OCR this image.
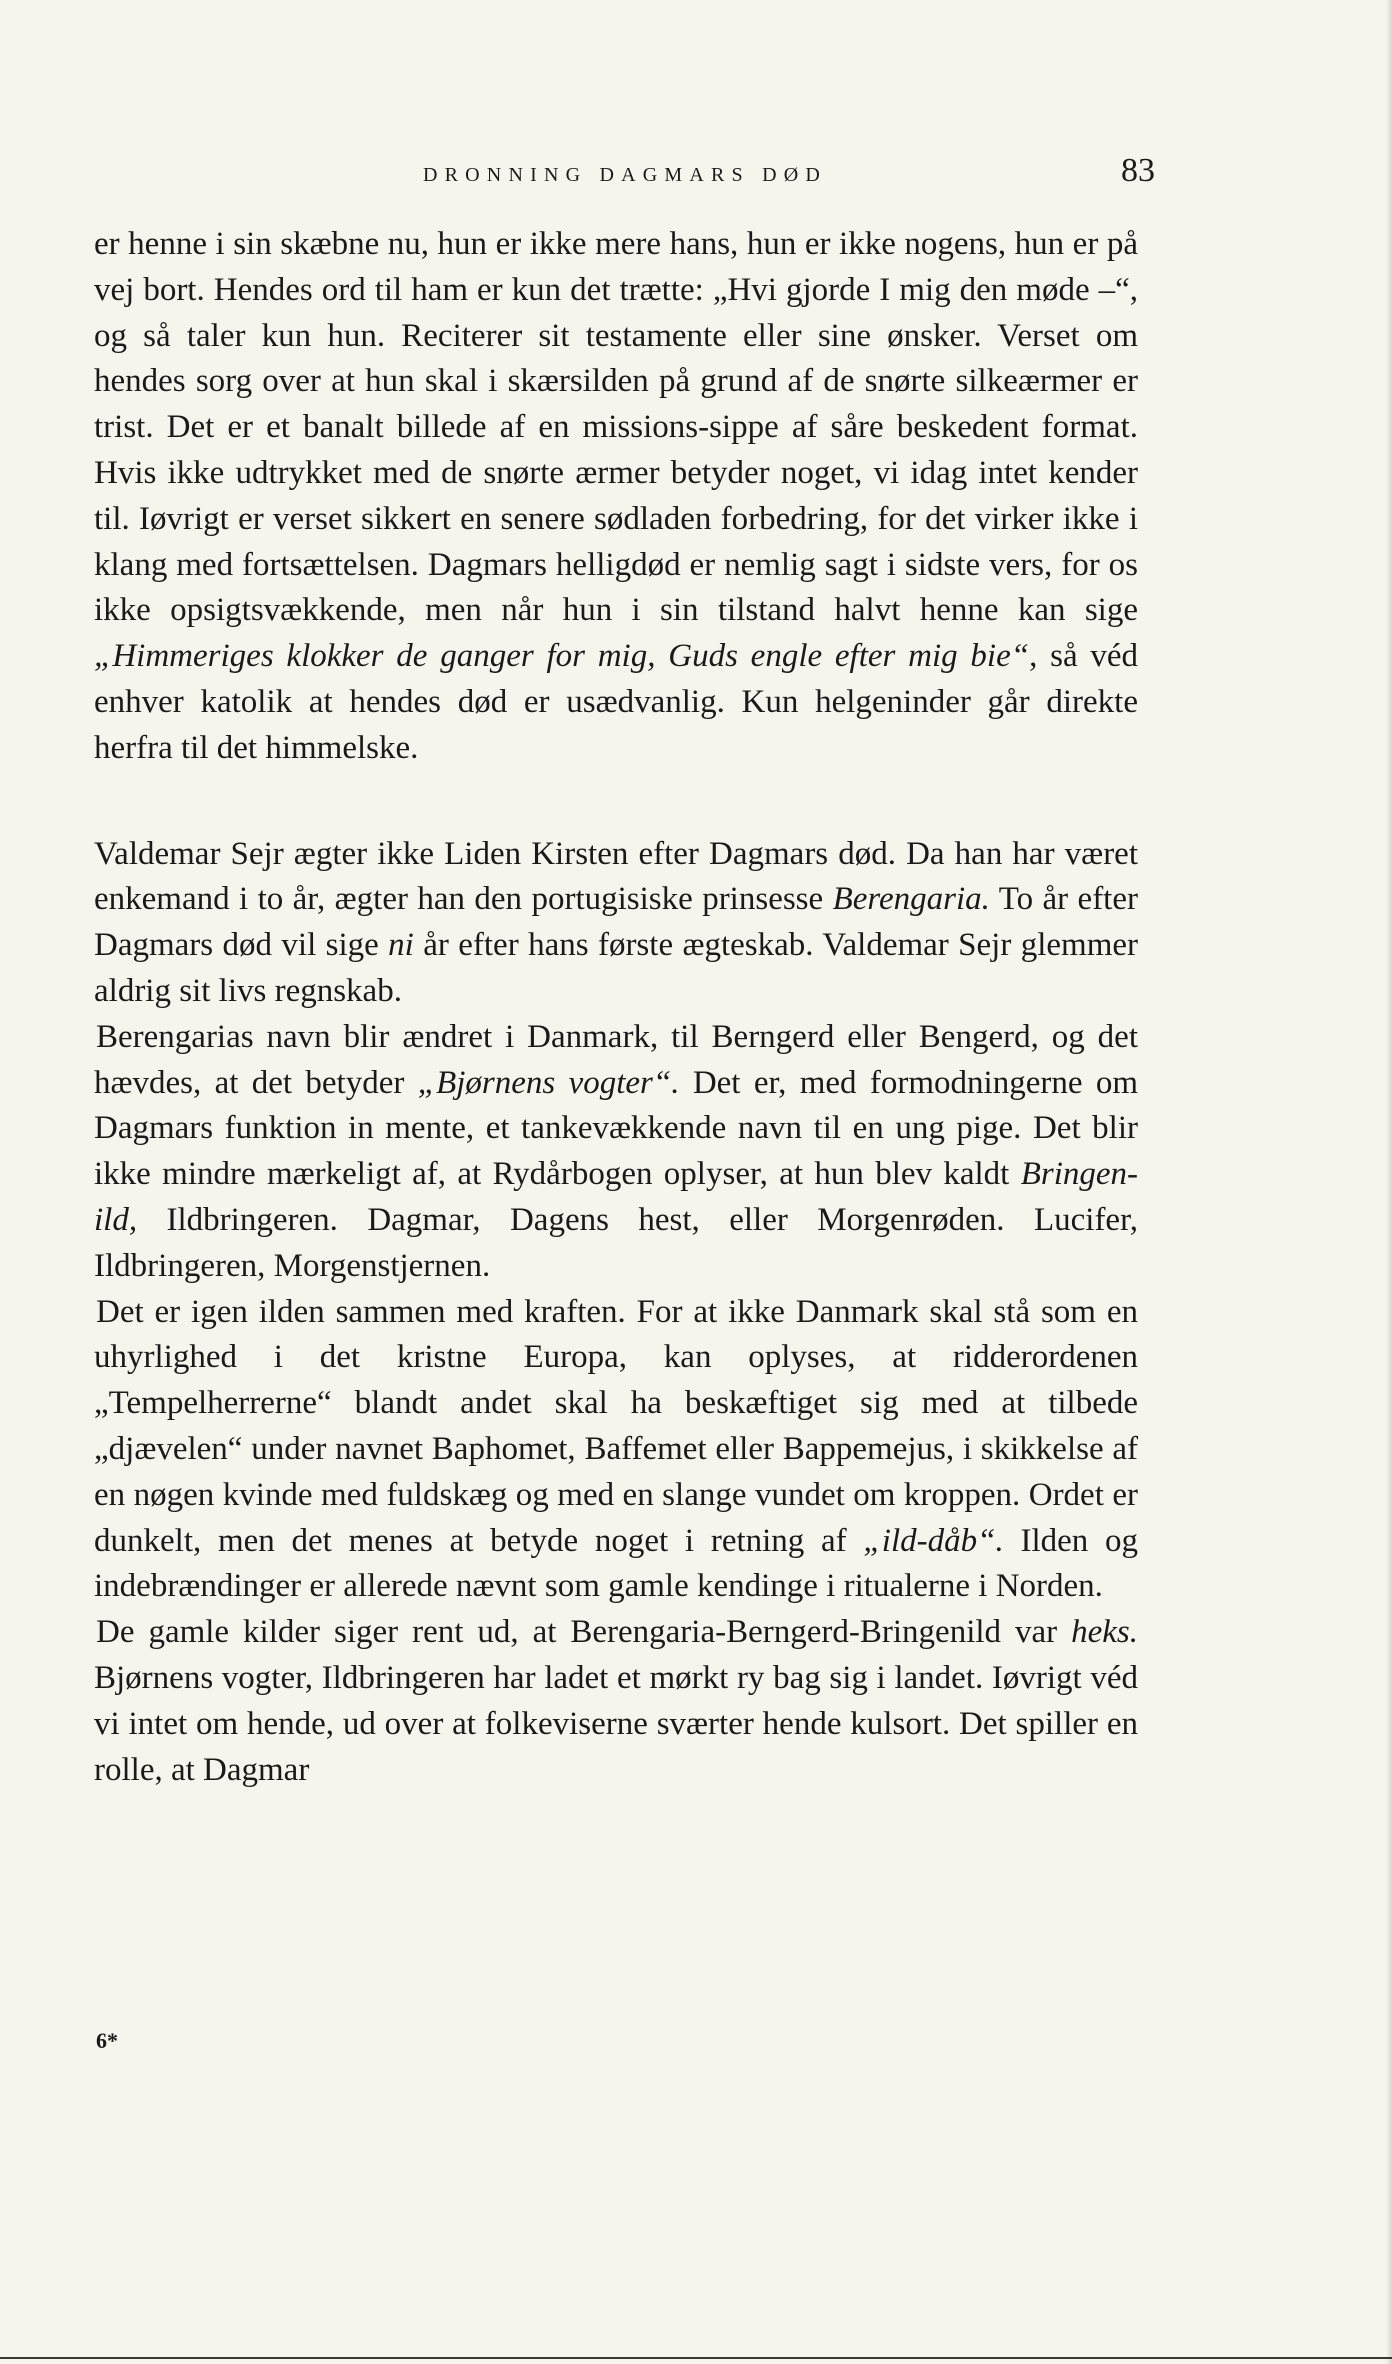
DRONNING DAGMARS DØD	83

er henne i sin skæbne nu, hun er ikke mere hans, hun er ikke nogens, hun er på vej bort. Hendes ord til ham er kun det trætte: „Hvi gjorde I mig den møde –“, og så taler kun hun. Reciterer sit testamente eller sine ønsker. Verset om hendes sorg over at hun skal i skærsilden på grund af de snørte silkeærmer er trist. Det er et banalt billede af en missions-sippe af såre beskedent format. Hvis ikke udtrykket med de snørte ærmer betyder noget, vi idag intet kender til. Iøvrigt er verset sikkert en senere sødladen forbedring, for det virker ikke i klang med fortsættelsen. Dagmars helligdød er nemlig sagt i sidste vers, for os ikke opsigtsvækkende, men når hun i sin tilstand halvt henne kan sige „Himmeriges klokker de ganger for mig, Guds engle efter mig bie“, så véd enhver katolik at hendes død er usædvanlig. Kun helgeninder går direkte herfra til det himmelske.

Valdemar Sejr ægter ikke Liden Kirsten efter Dagmars død. Da han har været enkemand i to år, ægter han den portugisiske prinsesse Berengaria. To år efter Dagmars død vil sige ni år efter hans første ægteskab. Valdemar Sejr glemmer aldrig sit livs regnskab.

Berengarias navn blir ændret i Danmark, til Berngerd eller Bengerd, og det hævdes, at det betyder „Bjørnens vogter“. Det er, med formodningerne om Dagmars funktion in mente, et tankevækkende navn til en ung pige. Det blir ikke mindre mærkeligt af, at Rydårbogen oplyser, at hun blev kaldt Bringen-ild, Ildbringeren. Dagmar, Dagens hest, eller Morgenrøden. Lucifer, Ildbringeren, Morgenstjernen.

Det er igen ilden sammen med kraften. For at ikke Danmark skal stå som en uhyrlighed i det kristne Europa, kan oplyses, at ridderordenen „Tempelherrerne“ blandt andet skal ha beskæftiget sig med at tilbede „djævelen“ under navnet Baphomet, Baffemet eller Bappemejus, i skikkelse af en nøgen kvinde med fuldskæg og med en slange vundet om kroppen. Ordet er dunkelt, men det menes at betyde noget i retning af „ild-dåb“. Ilden og indebrændinger er allerede nævnt som gamle kendinge i ritualerne i Norden.

De gamle kilder siger rent ud, at Berengaria-Berngerd-Bringenild var heks. Bjørnens vogter, Ildbringeren har ladet et mørkt ry bag sig i landet. Iøvrigt véd vi intet om hende, ud over at folkeviserne sværter hende kulsort. Det spiller en rolle, at Dagmar

6*
